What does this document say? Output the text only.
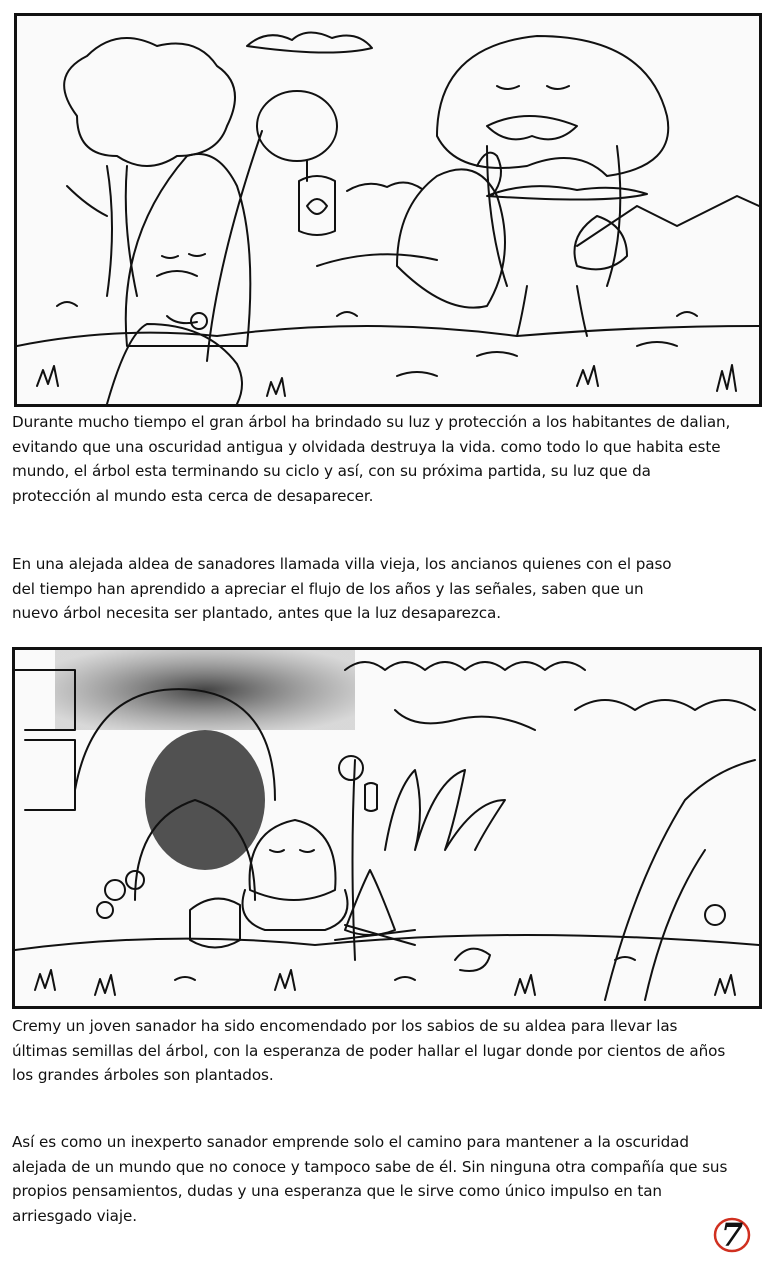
Durante mucho tiempo el gran árbol ha brindado su luz y protección a los habitantes de dalian,
evitando que una oscuridad antigua y olvidada destruya la vida. como todo lo que habita este
mundo, el árbol esta terminando su ciclo y así, con su próxima partida, su luz que da
protección al mundo esta cerca de desaparecer.
En una alejada aldea de sanadores llamada villa vieja, los ancianos quienes con el paso
del tiempo han aprendido a apreciar el flujo de los años y las señales, saben que un
nuevo árbol necesita ser plantado, antes que la luz desaparezca.
Cremy un joven sanador ha sido encomendado por los sabios de su aldea para llevar las
últimas semillas del árbol, con la esperanza de poder hallar el lugar donde por cientos de años
los grandes árboles son plantados.
Así es como un inexperto sanador emprende solo el camino para mantener a la oscuridad
alejada de un mundo que no conoce y tampoco sabe de él. Sin ninguna otra compañía que sus
propios pensamientos, dudas y una esperanza que le sirve como único impulso en tan
arriesgado viaje.
7
